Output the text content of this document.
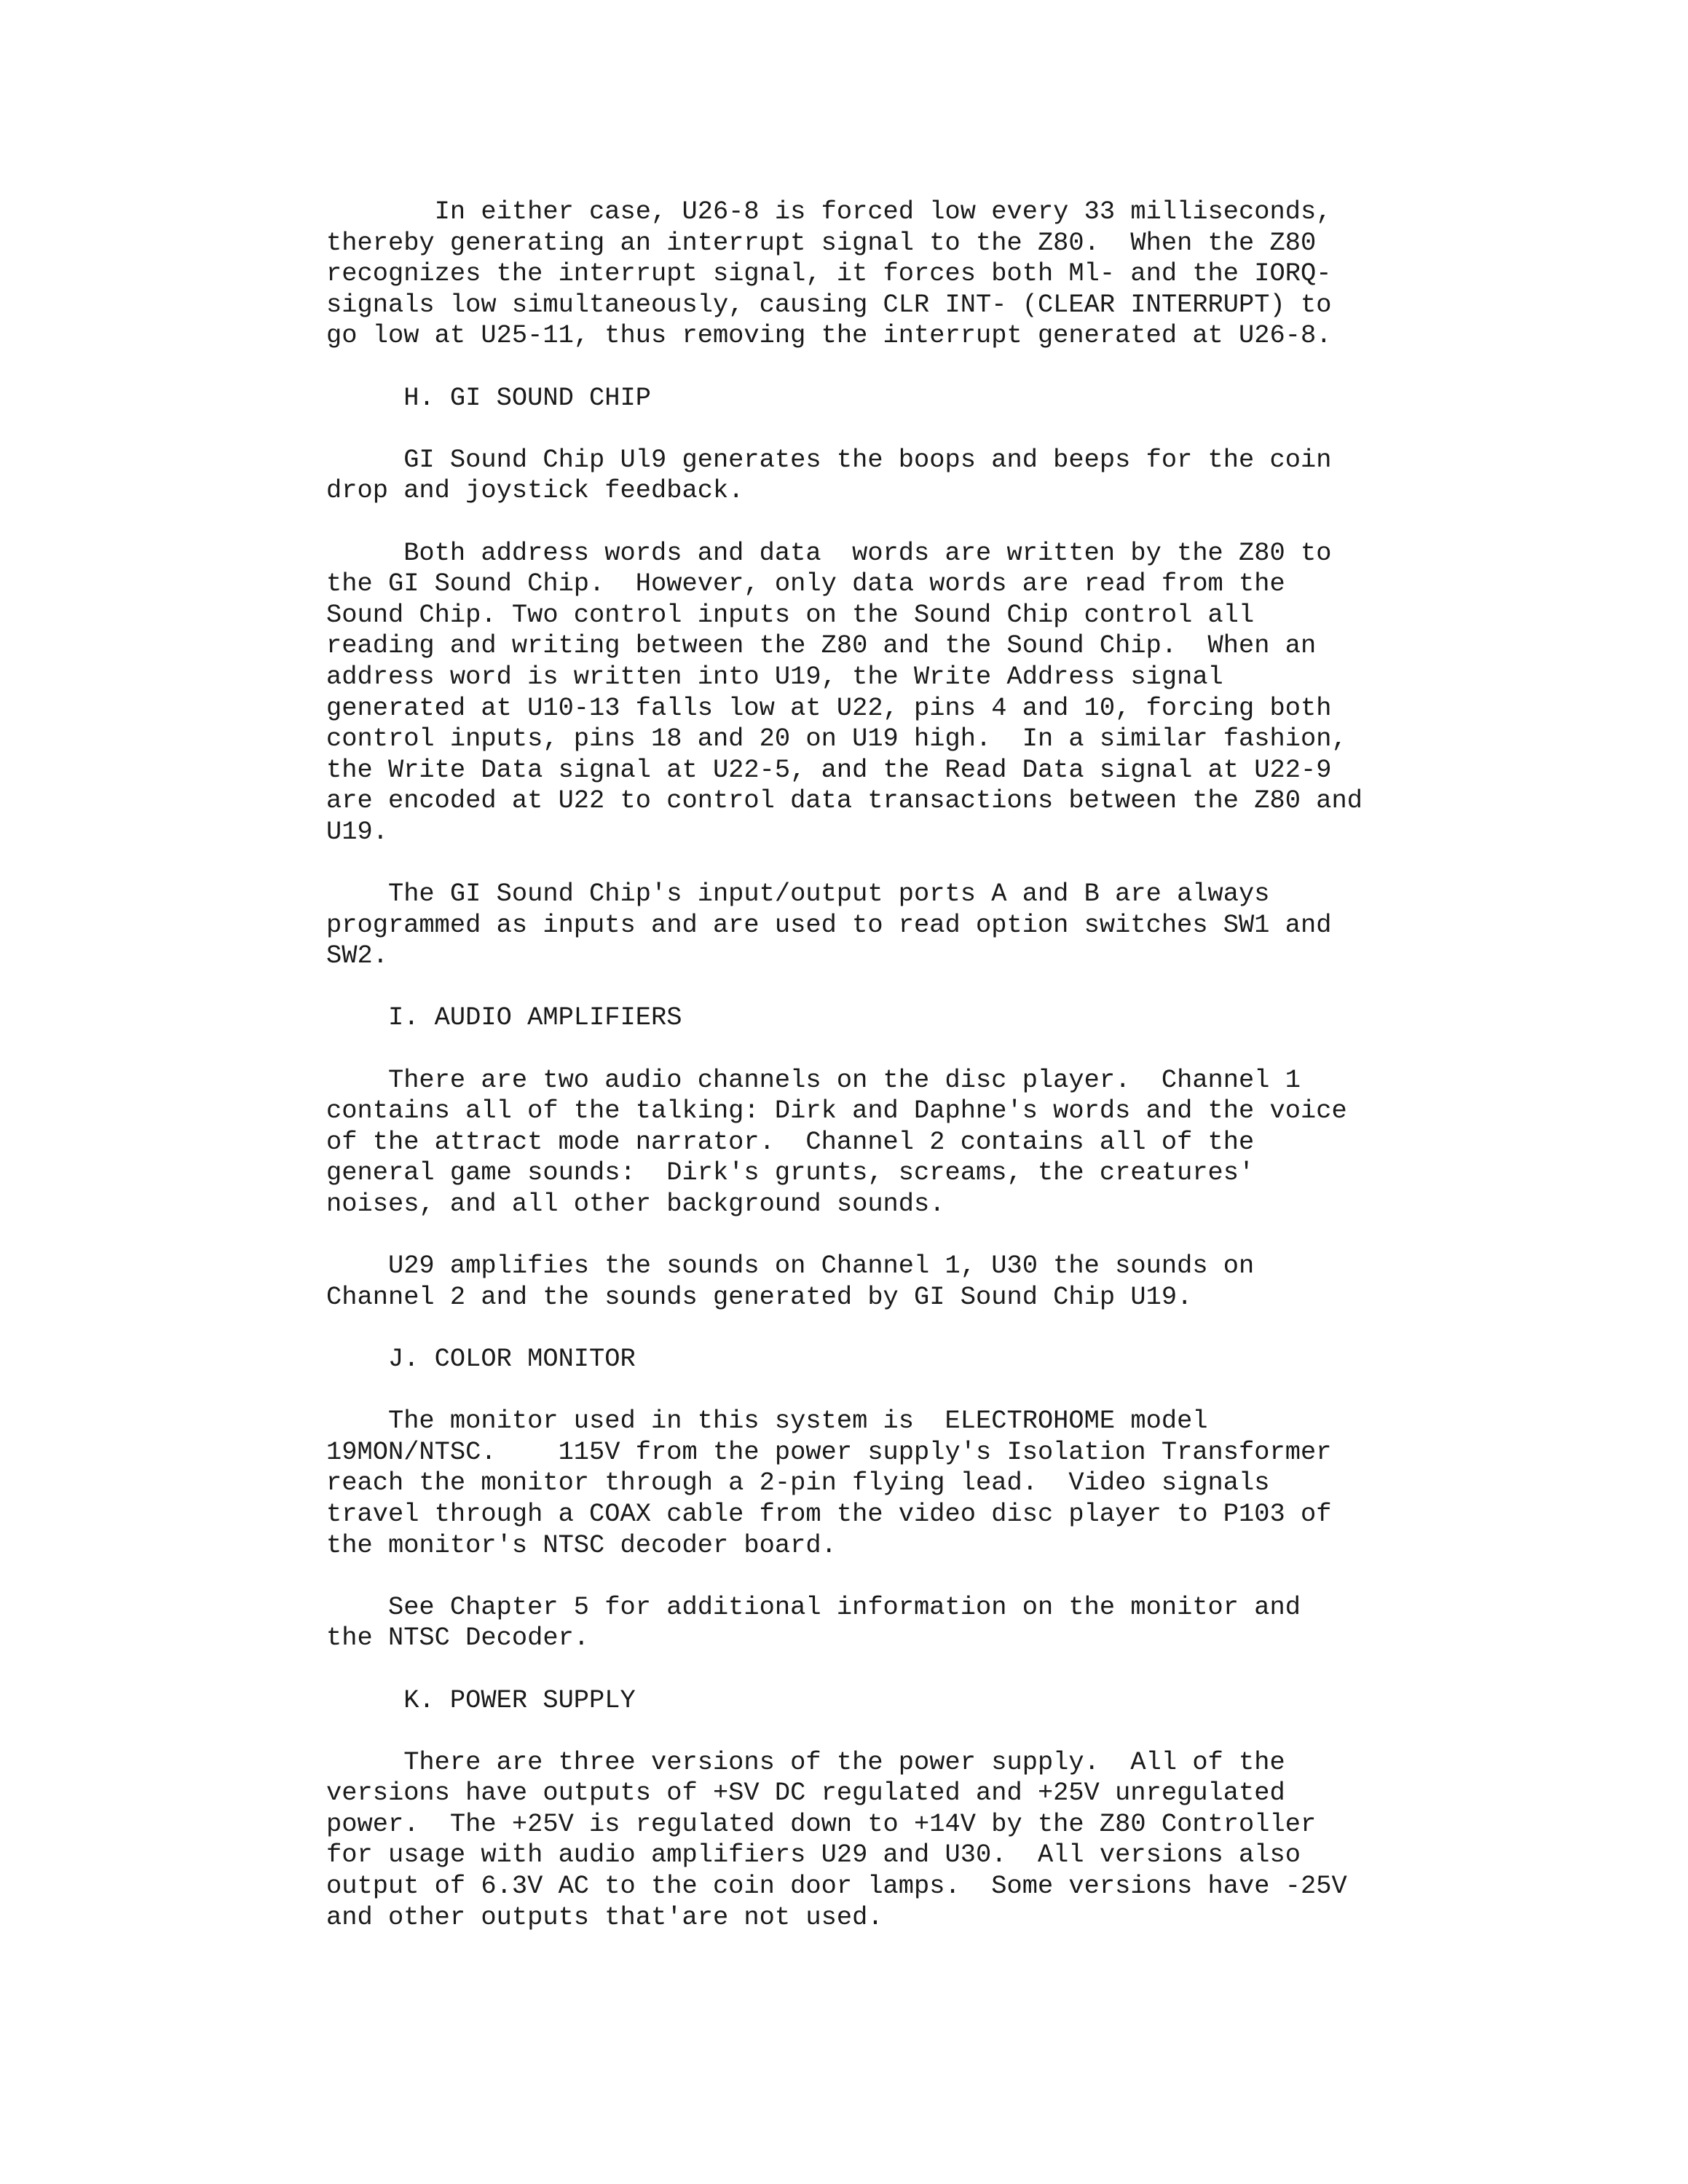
In either case, U26-8 is forced low every 33 milliseconds,
thereby generating an interrupt signal to the Z80.  When the Z80
recognizes the interrupt signal, it forces both Ml- and the IORQ-
signals low simultaneously, causing CLR INT- (CLEAR INTERRUPT) to
go low at U25-11, thus removing the interrupt generated at U26-8.
H. GI SOUND CHIP
GI Sound Chip Ul9 generates the boops and beeps for the coin
drop and joystick feedback.
Both address words and data  words are written by the Z80 to
the GI Sound Chip.  However, only data words are read from the
Sound Chip. Two control inputs on the Sound Chip control all
reading and writing between the Z80 and the Sound Chip.  When an
address word is written into U19, the Write Address signal
generated at U10-13 falls low at U22, pins 4 and 10, forcing both
control inputs, pins 18 and 20 on U19 high.  In a similar fashion,
the Write Data signal at U22-5, and the Read Data signal at U22-9
are encoded at U22 to control data transactions between the Z80 and
U19.
The GI Sound Chip's input/output ports A and B are always
programmed as inputs and are used to read option switches SW1 and
SW2.
I. AUDIO AMPLIFIERS
There are two audio channels on the disc player.  Channel 1
contains all of the talking: Dirk and Daphne's words and the voice
of the attract mode narrator.  Channel 2 contains all of the
general game sounds:  Dirk's grunts, screams, the creatures'
noises, and all other background sounds.
U29 amplifies the sounds on Channel 1, U30 the sounds on
Channel 2 and the sounds generated by GI Sound Chip U19.
J. COLOR MONITOR
The monitor used in this system is  ELECTROHOME model
19MON/NTSC.    115V from the power supply's Isolation Transformer
reach the monitor through a 2-pin flying lead.  Video signals
travel through a COAX cable from the video disc player to P103 of
the monitor's NTSC decoder board.
See Chapter 5 for additional information on the monitor and
the NTSC Decoder.
K. POWER SUPPLY
There are three versions of the power supply.  All of the
versions have outputs of +SV DC regulated and +25V unregulated
power.  The +25V is regulated down to +14V by the Z80 Controller
for usage with audio amplifiers U29 and U30.  All versions also
output of 6.3V AC to the coin door lamps.  Some versions have -25V
and other outputs that'are not used.
